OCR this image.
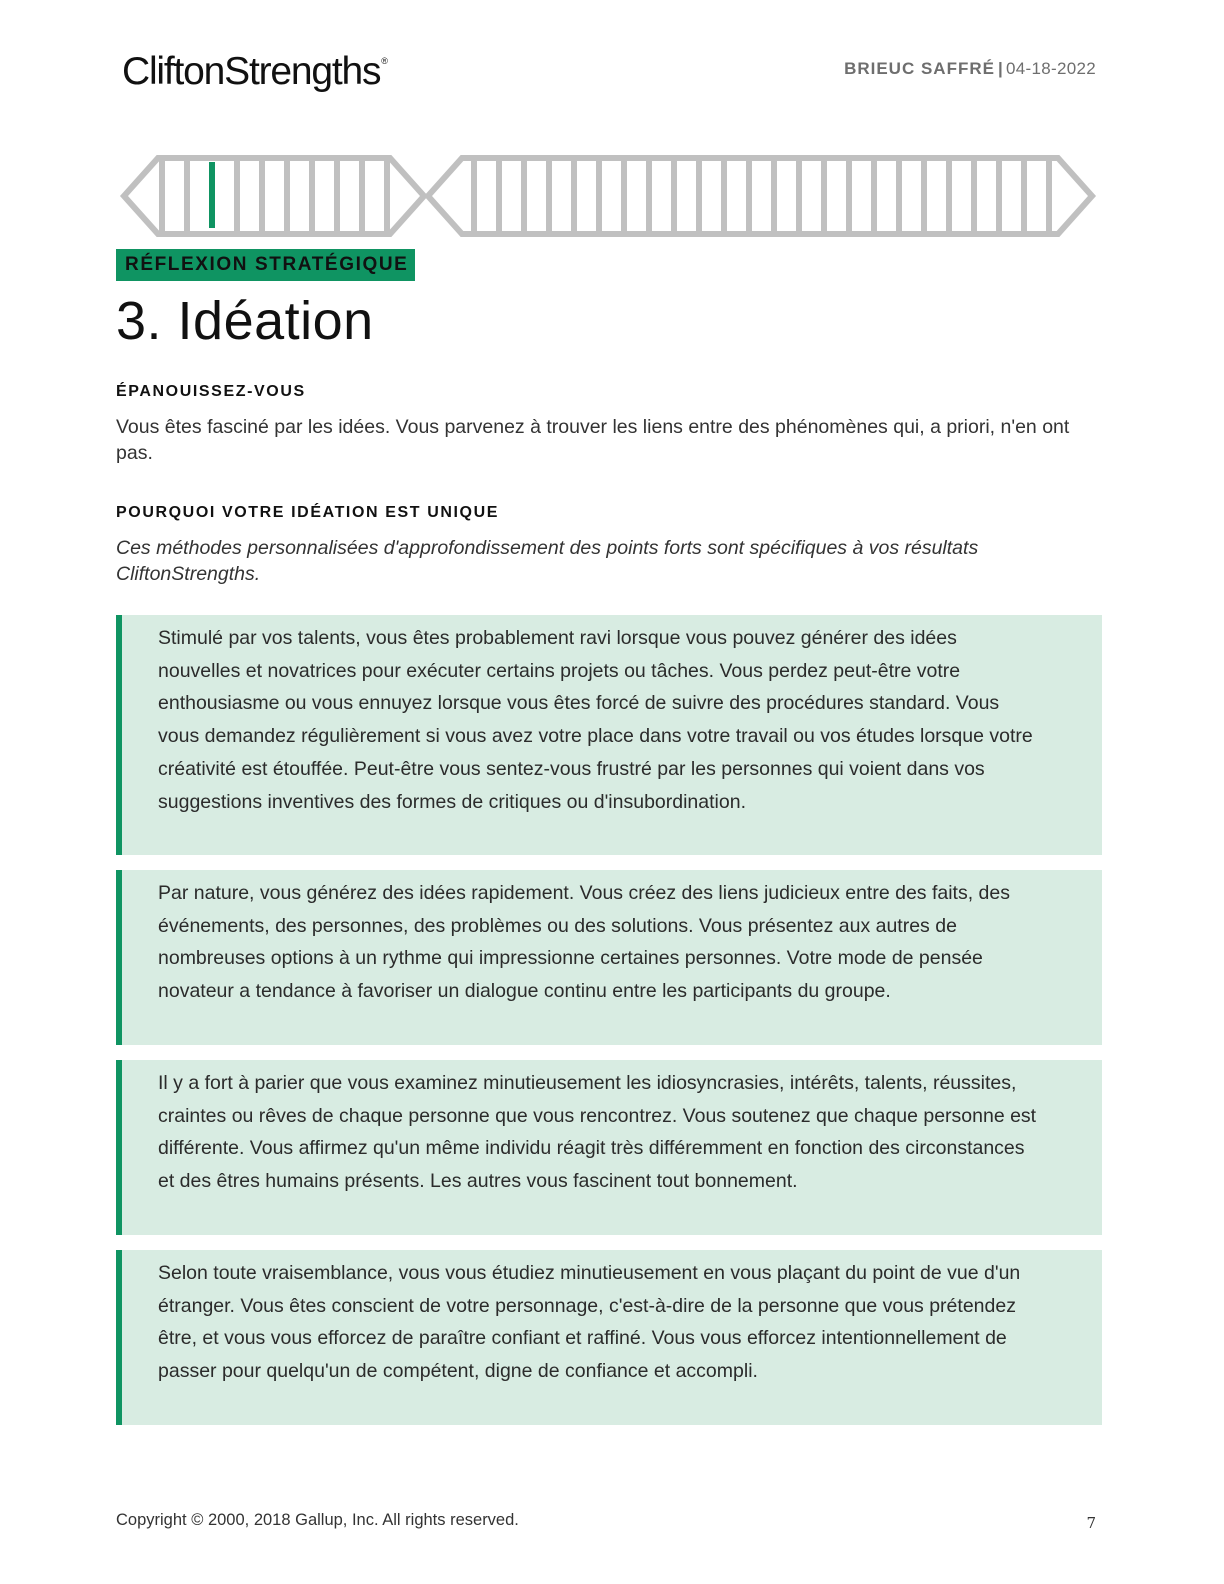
CliftonStrengths®	BRIEUC SAFFRÉ | 04-18-2022
RÉFLEXION STRATÉGIQUE
3. Idéation
ÉPANOUISSEZ-VOUS
Vous êtes fasciné par les idées. Vous parvenez à trouver les liens entre des phénomènes qui, a priori, n'en ont pas.
POURQUOI VOTRE IDÉATION EST UNIQUE
Ces méthodes personnalisées d'approfondissement des points forts sont spécifiques à vos résultats CliftonStrengths.
Stimulé par vos talents, vous êtes probablement ravi lorsque vous pouvez générer des idées nouvelles et novatrices pour exécuter certains projets ou tâches. Vous perdez peut-être votre enthousiasme ou vous ennuyez lorsque vous êtes forcé de suivre des procédures standard. Vous vous demandez régulièrement si vous avez votre place dans votre travail ou vos études lorsque votre créativité est étouffée. Peut-être vous sentez-vous frustré par les personnes qui voient dans vos suggestions inventives des formes de critiques ou d'insubordination.
Par nature, vous générez des idées rapidement. Vous créez des liens judicieux entre des faits, des événements, des personnes, des problèmes ou des solutions. Vous présentez aux autres de nombreuses options à un rythme qui impressionne certaines personnes. Votre mode de pensée novateur a tendance à favoriser un dialogue continu entre les participants du groupe.
Il y a fort à parier que vous examinez minutieusement les idiosyncrasies, intérêts, talents, réussites, craintes ou rêves de chaque personne que vous rencontrez. Vous soutenez que chaque personne est différente. Vous affirmez qu'un même individu réagit très différemment en fonction des circonstances et des êtres humains présents. Les autres vous fascinent tout bonnement.
Selon toute vraisemblance, vous vous étudiez minutieusement en vous plaçant du point de vue d'un étranger. Vous êtes conscient de votre personnage, c'est-à-dire de la personne que vous prétendez être, et vous vous efforcez de paraître confiant et raffiné. Vous vous efforcez intentionnellement de passer pour quelqu'un de compétent, digne de confiance et accompli.
Copyright © 2000, 2018 Gallup, Inc. All rights reserved.	7
